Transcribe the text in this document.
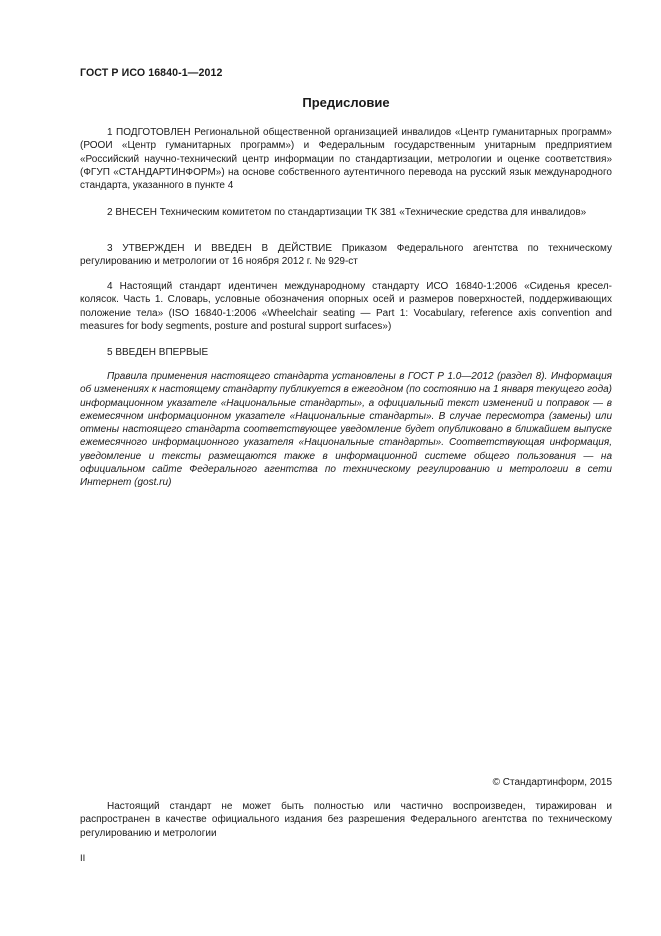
ГОСТ Р ИСО 16840-1—2012
Предисловие
1 ПОДГОТОВЛЕН Региональной общественной организацией инвалидов «Центр гуманитарных программ» (РООИ «Центр гуманитарных программ») и Федеральным государственным унитарным предприятием «Российский научно-технический центр информации по стандартизации, метрологии и оценке соответствия» (ФГУП «СТАНДАРТИНФОРМ») на основе собственного аутентичного перевода на русский язык международного стандарта, указанного в пункте 4
2 ВНЕСЕН Техническим комитетом по стандартизации ТК 381 «Технические средства для инвалидов»
3 УТВЕРЖДЕН И ВВЕДЕН В ДЕЙСТВИЕ Приказом Федерального агентства по техническому регулированию и метрологии от 16 ноября 2012 г. № 929-ст
4 Настоящий стандарт идентичен международному стандарту ИСО 16840-1:2006 «Сиденья кресел-колясок. Часть 1. Словарь, условные обозначения опорных осей и размеров поверхностей, поддерживающих положение тела» (ISO 16840-1:2006 «Wheelchair seating — Part 1: Vocabulary, reference axis convention and measures for body segments, posture and postural support surfaces»)
5 ВВЕДЕН ВПЕРВЫЕ
Правила применения настоящего стандарта установлены в ГОСТ Р 1.0—2012 (раздел 8). Информация об изменениях к настоящему стандарту публикуется в ежегодном (по состоянию на 1 января текущего года) информационном указателе «Национальные стандарты», а официальный текст изменений и поправок — в ежемесячном информационном указателе «Национальные стандарты». В случае пересмотра (замены) или отмены настоящего стандарта соответствующее уведомление будет опубликовано в ближайшем выпуске ежемесячного информационного указателя «Национальные стандарты». Соответствующая информация, уведомление и тексты размещаются также в информационной системе общего пользования — на официальном сайте Федерального агентства по техническому регулированию и метрологии в сети Интернет (gost.ru)
© Стандартинформ, 2015
Настоящий стандарт не может быть полностью или частично воспроизведен, тиражирован и распространен в качестве официального издания без разрешения Федерального агентства по техническому регулированию и метрологии
II
